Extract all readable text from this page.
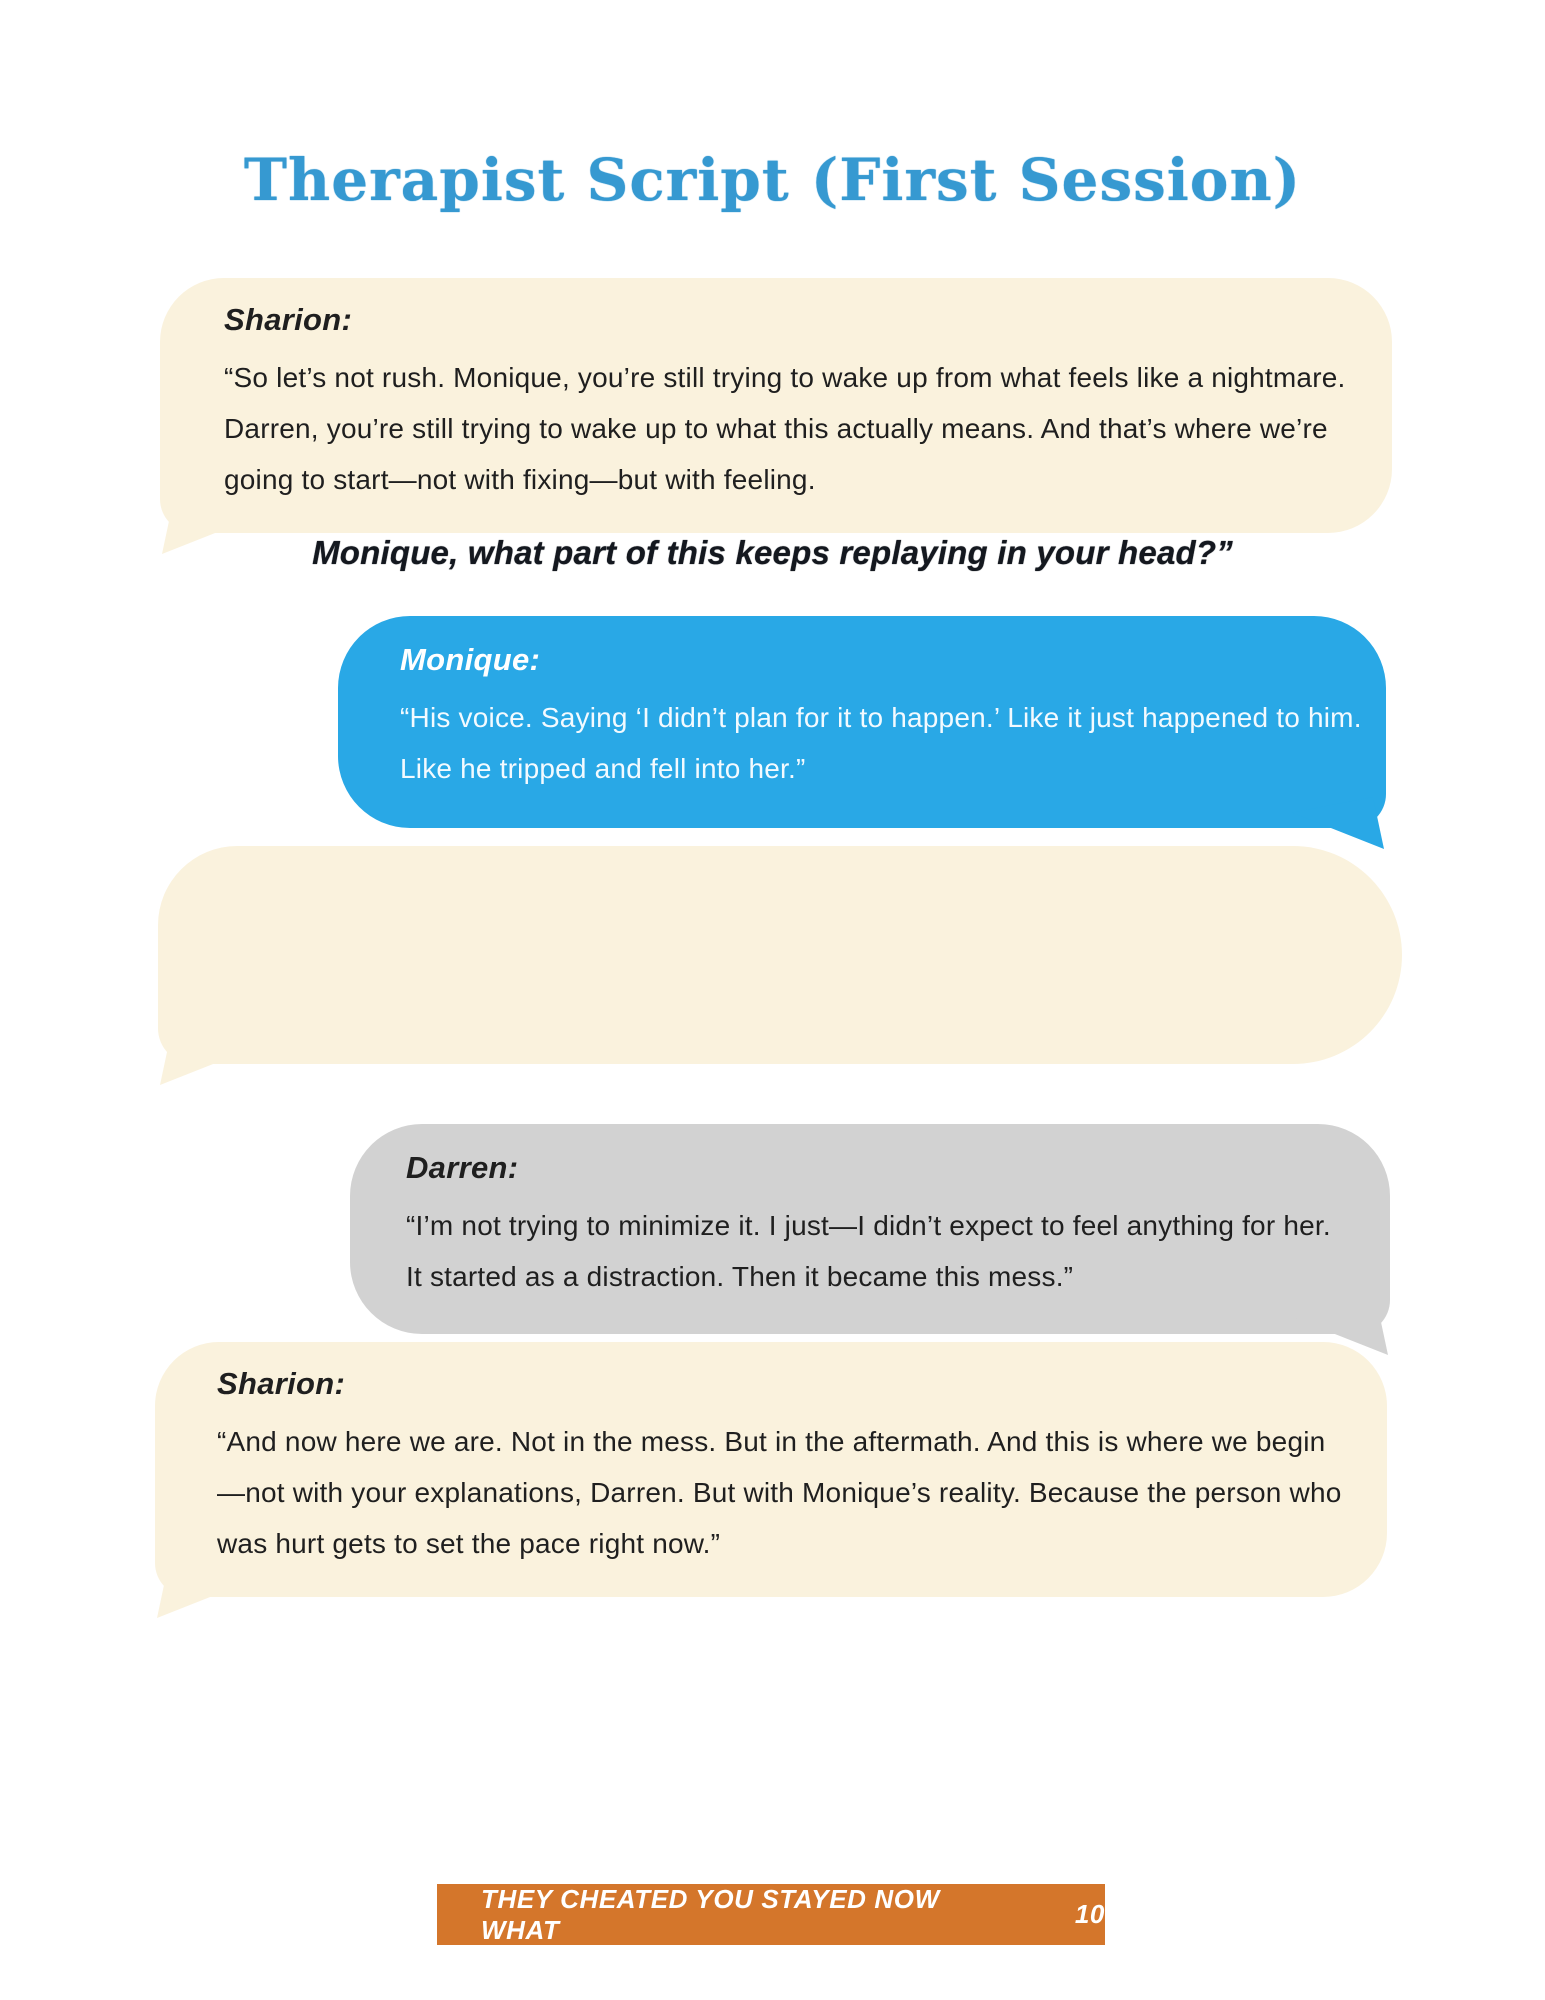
Therapist Script (First Session)
Sharion:
“So let’s not rush. Monique, you’re still trying to wake up from what feels like a nightmare. Darren, you’re still trying to wake up to what this actually means. And that’s where we’re going to start—not with fixing—but with feeling.
Monique, what part of this keeps replaying in your head?”
Monique:
“His voice. Saying ‘I didn’t plan for it to happen.’ Like it just happened to him. Like he tripped and fell into her.”
Darren:
“I’m not trying to minimize it. I just—I didn’t expect to feel anything for her. It started as a distraction. Then it became this mess.”
Sharion:
“And now here we are. Not in the mess. But in the aftermath. And this is where we begin—not with your explanations, Darren. But with Monique’s reality. Because the person who was hurt gets to set the pace right now.”
THEY CHEATED YOU STAYED NOW WHAT
10
